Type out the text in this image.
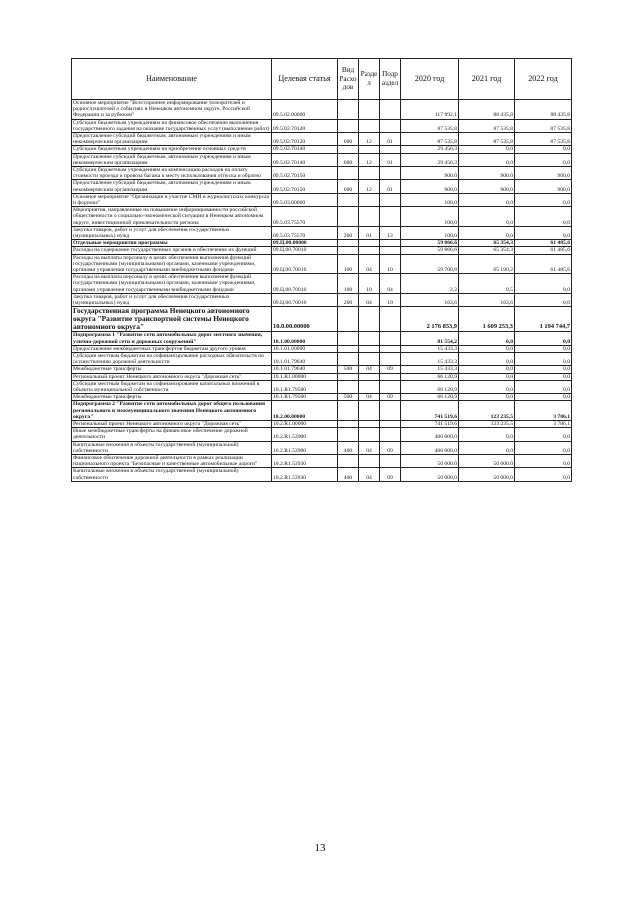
Наименование	Целевая статья	Вид Расхо дов	Разде л	Подр аздел	2020 год	2021 год	2022 год
Основное мероприятие "Всестороннее информирование телезрителей и радиослушателей о событиях в Ненецком автономном округе, Российской Федерации и за рубежом"	09.5.02.00000				117 892,1	88 435,8	88 435,8
Субсидии бюджетным учреждениям на финансовое обеспечение выполнения государственного задания на оказание государственных услуг (выполнение работ)	09.5.02.70120				87 535,8	87 535,8	87 535,8
Предоставление субсидий бюджетным, автономным учреждениям и иным некоммерческим организациям	09.5.02.70120	600	12	01	87 535,8	87 535,8	87 535,8
Субсидии бюджетным учреждениям на приобретение основных средств	09.5.02.70140				29 456,3	0,0	0,0
Предоставление субсидий бюджетным, автономным учреждениям и иным некоммерческим организациям	09.5.02.70140	600	12	01	29 456,3	0,0	0,0
Субсидии бюджетным учреждениям на компенсацию расходов на оплату стоимости проезда и провоза багажа к месту использования отпуска и обратно	09.5.02.70150				900,0	900,0	900,0
Предоставление субсидий бюджетным, автономным учреждениям и иным некоммерческим организациям	09.5.02.70150	600	12	01	900,0	900,0	900,0
Основное мероприятие "Организация и участие СМИ в журналистских конкурсах и форумах"	09.5.03.00000				100,0	0,0	0,0
Мероприятия, направленные на повышение информированности российской общественности о социально-экономической ситуации в Ненецком автономном округе, инвестиционной привлекательности региона	09.5.03.75570				100,0	0,0	0,0
Закупка товаров, работ и услуг для обеспечения государственных (муниципальных) нужд	09.5.03.75570	200	01	13	100,0	0,0	0,0
Отдельные мероприятия программы	09.Ц.00.00000				59 866,6	65 354,3	61 485,6
Расходы на содержание государственных органов и обеспечение их функций	09.Ц.00.70010				59 866,6	65 354,3	61 485,6
Расходы на выплаты персоналу в целях обеспечения выполнения функций государственными (муниципальными) органами, казенными учреждениями, органами управления государственными внебюджетными фондами	09.Ц.00.70010	100	04	10	59 700,8	65 190,2	61 485,6
Расходы на выплаты персоналу в целях обеспечения выполнения функций государственными (муниципальными) органами, казенными учреждениями, органами управления государственными внебюджетными фондами	09.Ц.00.70010	100	10	04	2,2	0,5	0,0
Закупка товаров, работ и услуг для обеспечения государственных (муниципальных) нужд	09.Ц.00.70010	200	04	10	163,6	163,6	0,0
Государственная программа Ненецкого автономного округа "Развитие транспортной системы Ненецкого автономного округа"	10.0.00.00000				2 176 853,9	1 609 253,3	1 194 744,7
Подпрограмма 1 "Развитие сети автомобильных дорог местного значения, улично-дорожной сети и дорожных сооружений"	10.1.00.00000				81 554,2	0,0	0,0
Предоставление межбюджетных трансфертов бюджетам другого уровня	10.1.01.00000				15 433,3	0,0	0,0
Субсидии местным бюджетам на софинансирование расходных обязательств по осуществлению дорожной деятельности	10.1.01.79640				15 433,3	0,0	0,0
Межбюджетные трансферты	10.1.01.79640	500	04	09	15 433,3	0,0	0,0
Региональный проект Ненецкого автономного округа "Дорожная сеть"	10.1.R1.00000				66 120,9	0,0	0,0
Субсидии местным бюджетам на софинансирование капитальных вложений в объекты муниципальной собственности	10.1.R1.79500				66 120,9	0,0	0,0
Межбюджетные трансферты	10.1.R1.79500	500	04	09	66 120,9	0,0	0,0
Подпрограмма 2 "Развитие сети автомобильных дорог общего пользования регионального и межмуниципального значения Ненецкого автономного округа"	10.2.00.00000				741 519,6	123 235,5	3 786,1
Региональный проект Ненецкого автономного округа "Дорожная сеть"	10.2.R1.00000				741 519,6	123 235,5	3 786,1
Иные межбюджетные трансферты на финансовое обеспечение дорожной деятельности	10.2.R1.53900				400 000,0	0,0	0,0
Капитальные вложения в объекты государственной (муниципальной) собственности	10.2.R1.53900	400	04	09	400 000,0	0,0	0,0
Финансовое обеспечение дорожной деятельности в рамках реализации национального проекта "Безопасные и качественные автомобильные дороги"	10.2.R1.53930				50 000,0	50 000,0	0,0
Капитальные вложения в объекты государственной (муниципальной) собственности	10.2.R1.53930	400	04	09	50 000,0	50 000,0	0,0
13
